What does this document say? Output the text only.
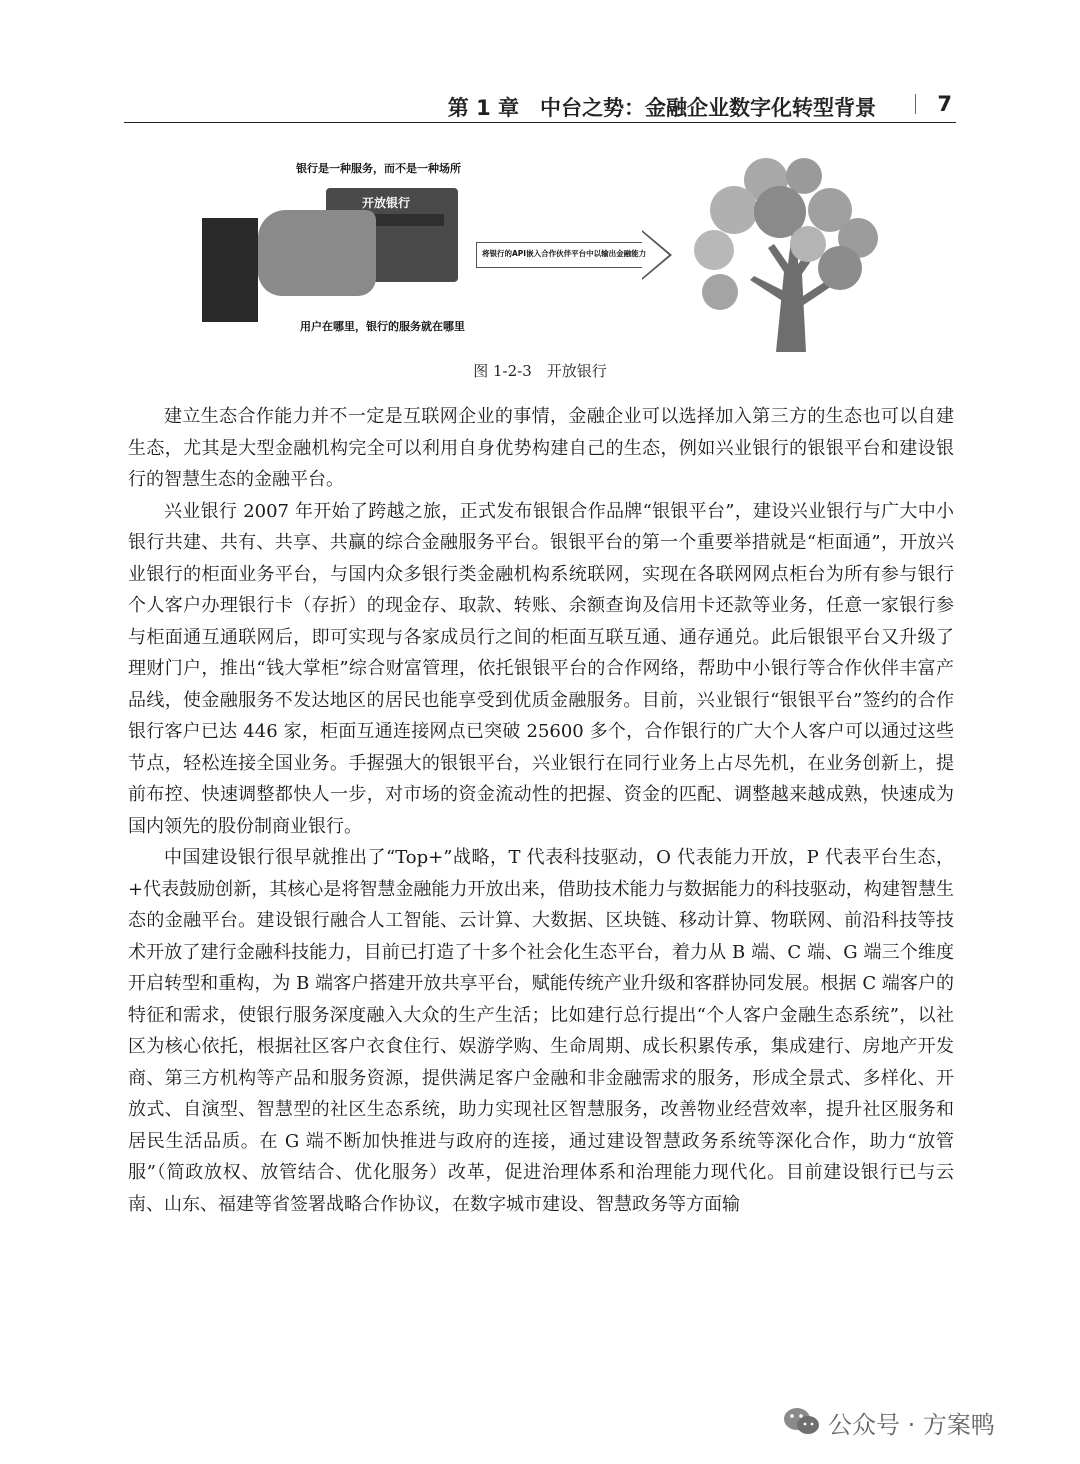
第 1 章　中台之势：金融企业数字化转型背景	7
银行是一种服务，而不是一种场所
开放银行
用户在哪里，银行的服务就在哪里
将银行的API嵌入合作伙伴平台中以输出金融能力
图 1-2-3　开放银行

建立生态合作能力并不一定是互联网企业的事情，金融企业可以选择加入第三方的生态也可以自建生态，尤其是大型金融机构完全可以利用自身优势构建自己的生态，例如兴业银行的银银平台和建设银行的智慧生态的金融平台。

兴业银行 2007 年开始了跨越之旅，正式发布银银合作品牌“银银平台”，建设兴业银行与广大中小银行共建、共有、共享、共赢的综合金融服务平台。银银平台的第一个重要举措就是“柜面通”，开放兴业银行的柜面业务平台，与国内众多银行类金融机构系统联网，实现在各联网网点柜台为所有参与银行个人客户办理银行卡（存折）的现金存、取款、转账、余额查询及信用卡还款等业务，任意一家银行参与柜面通互通联网后，即可实现与各家成员行之间的柜面互联互通、通存通兑。此后银银平台又升级了理财门户，推出“钱大掌柜”综合财富管理，依托银银平台的合作网络，帮助中小银行等合作伙伴丰富产品线，使金融服务不发达地区的居民也能享受到优质金融服务。目前，兴业银行“银银平台”签约的合作银行客户已达 446 家，柜面互通连接网点已突破 25600 多个，合作银行的广大个人客户可以通过这些节点，轻松连接全国业务。手握强大的银银平台，兴业银行在同行业务上占尽先机，在业务创新上，提前布控、快速调整都快人一步，对市场的资金流动性的把握、资金的匹配、调整越来越成熟，快速成为国内领先的股份制商业银行。

中国建设银行很早就推出了“Top+”战略，T 代表科技驱动，O 代表能力开放，P 代表平台生态，+代表鼓励创新，其核心是将智慧金融能力开放出来，借助技术能力与数据能力的科技驱动，构建智慧生态的金融平台。建设银行融合人工智能、云计算、大数据、区块链、移动计算、物联网、前沿科技等技术开放了建行金融科技能力，目前已打造了十多个社会化生态平台，着力从 B 端、C 端、G 端三个维度开启转型和重构，为 B 端客户搭建开放共享平台，赋能传统产业升级和客群协同发展。根据 C 端客户的特征和需求，使银行服务深度融入大众的生产生活；比如建行总行提出“个人客户金融生态系统”，以社区为核心依托，根据社区客户衣食住行、娱游学购、生命周期、成长积累传承，集成建行、房地产开发商、第三方机构等产品和服务资源，提供满足客户金融和非金融需求的服务，形成全景式、多样化、开放式、自演型、智慧型的社区生态系统，助力实现社区智慧服务，改善物业经营效率，提升社区服务和居民生活品质。在 G 端不断加快推进与政府的连接，通过建设智慧政务系统等深化合作，助力“放管服”（简政放权、放管结合、优化服务）改革，促进治理体系和治理能力现代化。目前建设银行已与云南、山东、福建等省签署战略合作协议，在数字城市建设、智慧政务等方面输

公众号 · 方案鸭
